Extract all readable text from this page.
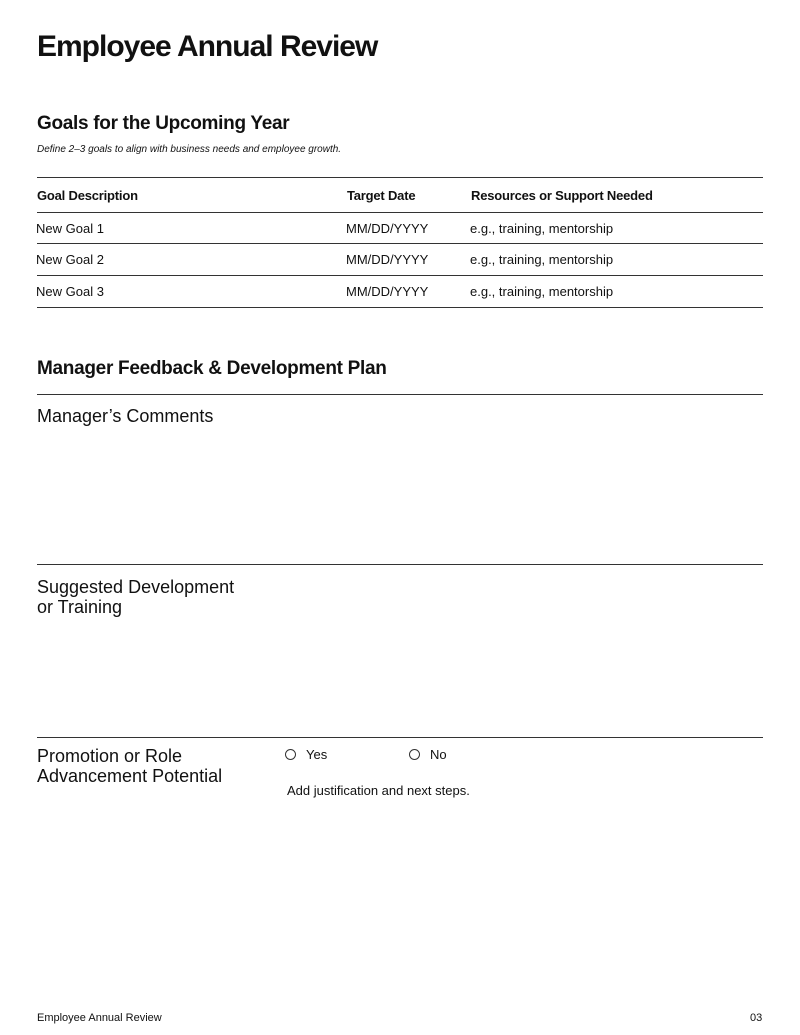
Employee Annual Review
Goals for the Upcoming Year
Define 2–3 goals to align with business needs and employee growth.
Goal Description	Target Date	Resources or Support Needed
New Goal 1	MM/DD/YYYY	e.g., training, mentorship
New Goal 2	MM/DD/YYYY	e.g., training, mentorship
New Goal 3	MM/DD/YYYY	e.g., training, mentorship
Manager Feedback & Development Plan
Manager’s Comments
Suggested Development
or Training
Promotion or Role
Advancement Potential
Yes	No
Add justification and next steps.
Employee Annual Review	03
